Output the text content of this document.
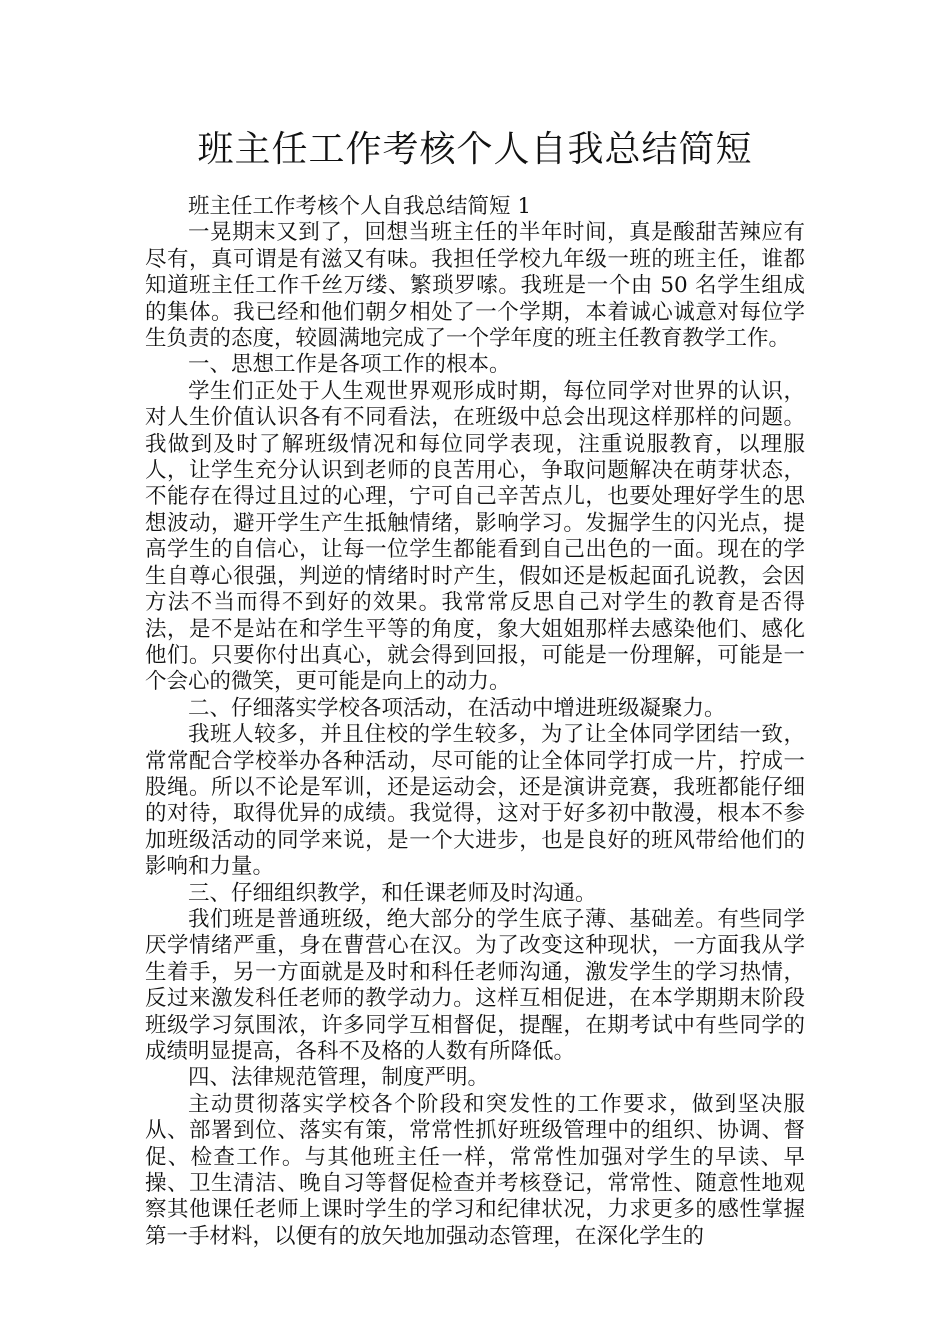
班主任工作考核个人自我总结简短

班主任工作考核个人自我总结简短 1

一晃期末又到了，回想当班主任的半年时间，真是酸甜苦辣应有尽有，真可谓是有滋又有味。我担任学校九年级一班的班主任，谁都知道班主任工作千丝万缕、繁琐罗嗦。我班是一个由 50 名学生组成的集体。我已经和他们朝夕相处了一个学期，本着诚心诚意对每位学生负责的态度，较圆满地完成了一个学年度的班主任教育教学工作。

一、思想工作是各项工作的根本。

学生们正处于人生观世界观形成时期，每位同学对世界的认识，对人生价值认识各有不同看法，在班级中总会出现这样那样的问题。我做到及时了解班级情况和每位同学表现，注重说服教育，以理服人，让学生充分认识到老师的良苦用心，争取问题解决在萌芽状态，不能存在得过且过的心理，宁可自己辛苦点儿，也要处理好学生的思想波动，避开学生产生抵触情绪，影响学习。发掘学生的闪光点，提高学生的自信心，让每一位学生都能看到自己出色的一面。现在的学生自尊心很强，判逆的情绪时时产生，假如还是板起面孔说教，会因方法不当而得不到好的效果。我常常反思自己对学生的教育是否得法，是不是站在和学生平等的角度，象大姐姐那样去感染他们、感化他们。只要你付出真心，就会得到回报，可能是一份理解，可能是一个会心的微笑，更可能是向上的动力。

二、仔细落实学校各项活动，在活动中增进班级凝聚力。

我班人较多，并且住校的学生较多，为了让全体同学团结一致，常常配合学校举办各种活动，尽可能的让全体同学打成一片，拧成一股绳。所以不论是军训，还是运动会，还是演讲竞赛，我班都能仔细的对待，取得优异的成绩。我觉得，这对于好多初中散漫，根本不参加班级活动的同学来说，是一个大进步，也是良好的班风带给他们的影响和力量。

三、仔细组织教学，和任课老师及时沟通。

我们班是普通班级，绝大部分的学生底子薄、基础差。有些同学厌学情绪严重，身在曹营心在汉。为了改变这种现状，一方面我从学生着手，另一方面就是及时和科任老师沟通，激发学生的学习热情，反过来激发科任老师的教学动力。这样互相促进，在本学期期末阶段班级学习氛围浓，许多同学互相督促，提醒，在期考试中有些同学的成绩明显提高，各科不及格的人数有所降低。

四、法律规范管理，制度严明。

主动贯彻落实学校各个阶段和突发性的工作要求，做到坚决服从、部署到位、落实有策，常常性抓好班级管理中的组织、协调、督促、检查工作。与其他班主任一样，常常性加强对学生的早读、早操、卫生清洁、晚自习等督促检查并考核登记，常常性、随意性地观察其他课任老师上课时学生的学习和纪律状况，力求更多的感性掌握第一手材料，以便有的放矢地加强动态管理，在深化学生的
